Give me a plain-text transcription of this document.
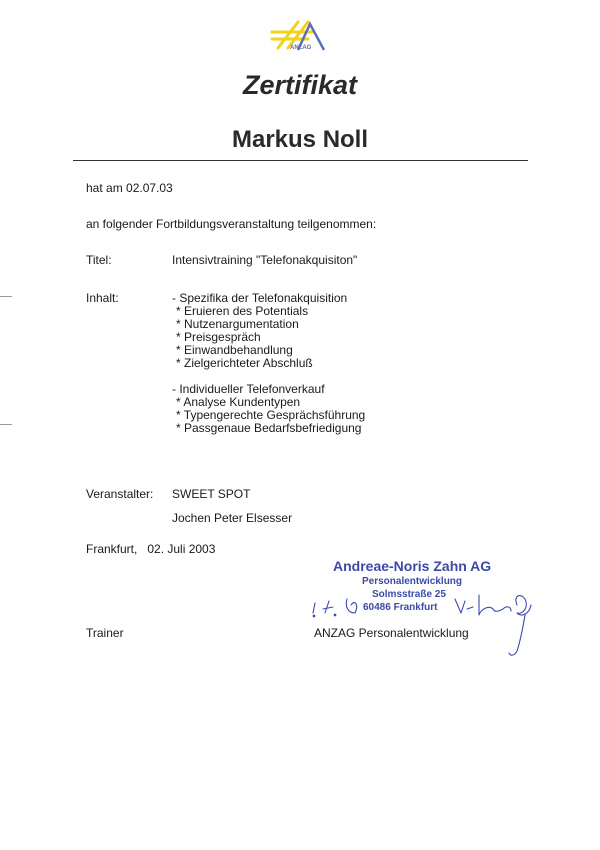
ANZAG
Zertifikat
Markus Noll
hat am 02.07.03
an folgender Fortbildungsveranstaltung teilgenommen:
Titel:	Intensivtraining "Telefonakquisiton"
Inhalt:	- Spezifika der Telefonakquisition
* Eruieren des Potentials
* Nutzenargumentation
* Preisgespräch
* Einwandbehandlung
* Zielgerichteter Abschluß
- Individueller Telefonverkauf
* Analyse Kundentypen
* Typengerechte Gesprächsführung
* Passgenaue Bedarfsbefriedigung
Veranstalter: SWEET SPOT
Jochen Peter Elsesser
Frankfurt,   02. Juli 2003
Andreae-Noris Zahn AG
Personalentwicklung
Solmsstraße 25
60486 Frankfurt
Trainer	ANZAG Personalentwicklung
